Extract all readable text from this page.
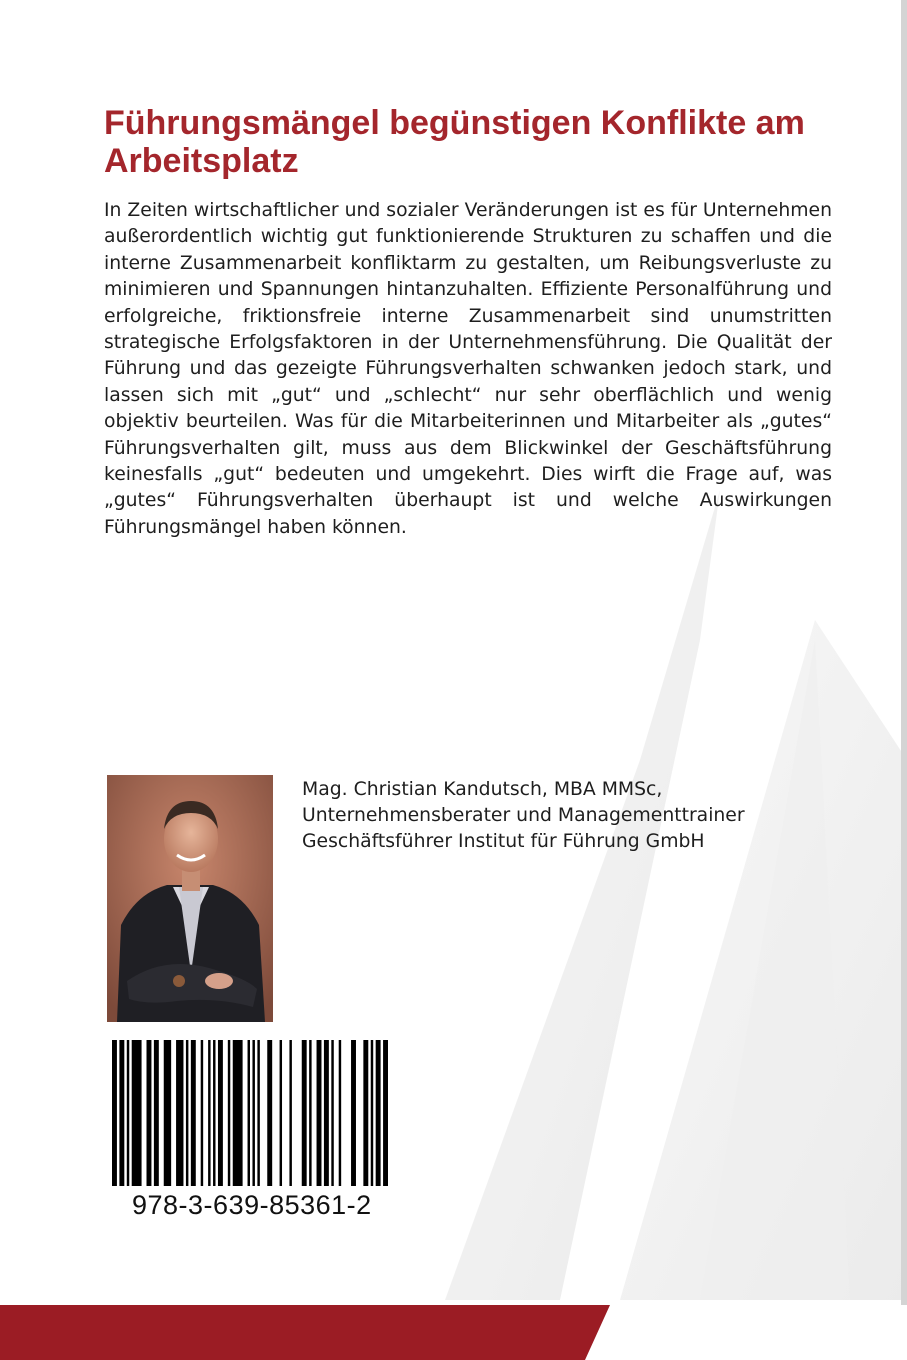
Führungsmängel begünstigen Konflikte am Arbeitsplatz

In Zeiten wirtschaftlicher und sozialer Veränderungen ist es für Unternehmen außerordentlich wichtig gut funktionierende Strukturen zu schaffen und die interne Zusammenarbeit konfliktarm zu gestalten, um Reibungsverluste zu minimieren und Spannungen hintanzuhalten. Effiziente Personalführung und erfolgreiche, friktionsfreie interne Zusammenarbeit sind unumstritten strategische Erfolgsfaktoren in der Unternehmensführung. Die Qualität der Führung und das gezeigte Führungsverhalten schwanken jedoch stark, und lassen sich mit „gut“ und „schlecht“ nur sehr oberflächlich und wenig objektiv beurteilen. Was für die Mitarbeiterinnen und Mitarbeiter als „gutes“ Führungsverhalten gilt, muss aus dem Blickwinkel der Geschäftsführung keinesfalls „gut“ bedeuten und umgekehrt. Dies wirft die Frage auf, was „gutes“ Führungsverhalten überhaupt ist und welche Auswirkungen Führungsmängel haben können.

Mag. Christian Kandutsch, MBA MMSc,
Unternehmensberater und Managementtrainer
Geschäftsführer Institut für Führung GmbH
978-3-639-85361-2
